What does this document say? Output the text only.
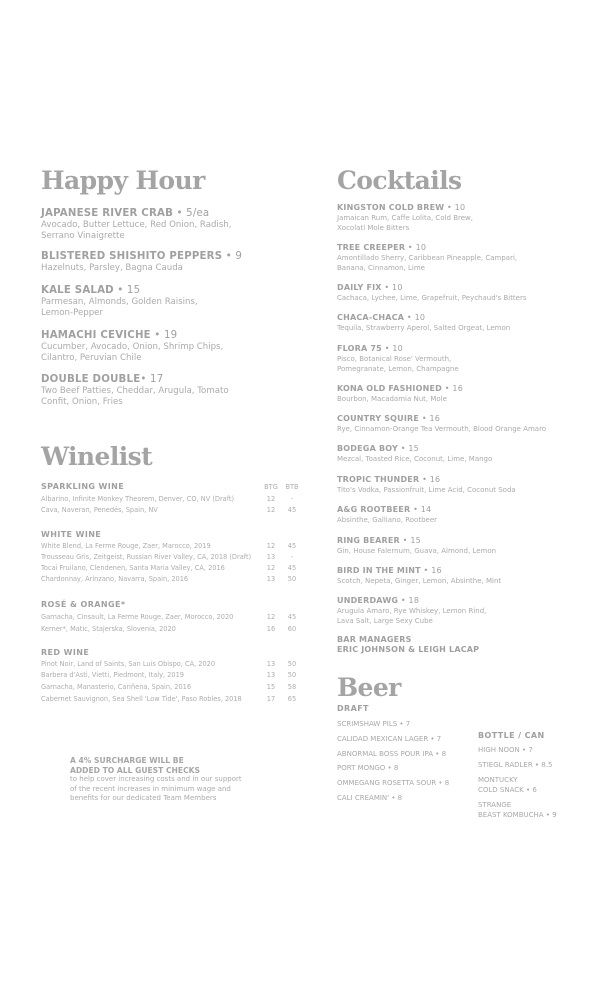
Happy Hour
JAPANESE RIVER CRAB • 5/ea
Avocado, Butter Lettuce, Red Onion, Radish, Serrano Vinaigrette
BLISTERED SHISHITO PEPPERS • 9
Hazelnuts, Parsley, Bagna Cauda
KALE SALAD • 15
Parmesan, Almonds, Golden Raisins, Lemon-Pepper
HAMACHI CEVICHE • 19
Cucumber, Avocado, Onion, Shrimp Chips, Cilantro, Peruvian Chile
DOUBLE DOUBLE• 17
Two Beef Patties, Cheddar, Arugula, Tomato Confit, Onion, Fries
Winelist
SPARKLING WINE	BTG BTB
Albarino, Infinite Monkey Theorem, Denver, CO, NV (Draft)	12	-
Cava, Naveran, Penedés, Spain, NV	12	45
WHITE WINE
White Blend, La Ferme Rouge, Zaer, Marocco, 2019	12	45
Trousseau Gris, Zeitgeist, Russian River Valley, CA, 2018 (Draft)	13	-
Tocai Fruilano, Clendenen, Santa Maria Valley, CA, 2016	12	45
Chardonnay, Arinzano, Navarra, Spain, 2016	13	50
ROSÉ & ORANGE*
Garnacha, Cinsault, La Ferme Rouge, Zaer, Morocco, 2020	12	45
Kerner*, Matic, Stajerska, Slovenia, 2020	16	60
RED WINE
Pinot Noir, Land of Saints, San Luis Obispo, CA, 2020	13	50
Barbera d'Asti, Vietti, Piedmont, Italy, 2019	13	50
Garnacha, Manasterio, Cariñena, Spain, 2016	15	58
Cabernet Sauvignon, Sea Shell 'Low Tide', Paso Robles, 2018	17	65
A 4% SURCHARGE WILL BE
ADDED TO ALL GUEST CHECKS
to help cover increasing costs and in our support
of the recent increases in minimum wage and
benefits for our dedicated Team Members
Cocktails
KINGSTON COLD BREW • 10
Jamaican Rum, Caffe Lolita, Cold Brew,
Xocolatl Mole Bitters
TREE CREEPER • 10
Amontillado Sherry, Caribbean Pineapple, Campari,
Banana, Cinnamon, Lime
DAILY FIX • 10
Cachaca, Lychee, Lime, Grapefruit, Peychaud's Bitters
CHACA-CHACA • 10
Tequila, Strawberry Aperol, Salted Orgeat, Lemon
FLORA 75 • 10
Pisco, Botanical Rose' Vermouth,
Pomegranate, Lemon, Champagne
KONA OLD FASHIONED • 16
Bourbon, Macadamia Nut, Mole
COUNTRY SQUIRE • 16
Rye, Cinnamon-Orange Tea Vermouth, Blood Orange Amaro
BODEGA BOY • 15
Mezcal, Toasted Rice, Coconut, Lime, Mango
TROPIC THUNDER • 16
Tito's Vodka, Passionfruit, Lime Acid, Coconut Soda
A&G ROOTBEER • 14
Absinthe, Galliano, Rootbeer
RING BEARER • 15
Gin, House Falernum, Guava, Almond, Lemon
BIRD IN THE MINT • 16
Scotch, Nepeta, Ginger, Lemon, Absinthe, Mint
UNDERDAWG • 18
Arugula Amaro, Rye Whiskey, Lemon Rind,
Lava Salt, Large Sexy Cube
BAR MANAGERS
ERIC JOHNSON & LEIGH LACAP
Beer
DRAFT
SCRIMSHAW PILS • 7
CALIDAD MEXICAN LAGER • 7
ABNORMAL BOSS POUR IPA • 8
PORT MONGO • 8
OMMEGANG ROSETTA SOUR • 8
CALI CREAMIN' • 8
BOTTLE / CAN
HIGH NOON • 7
STIEGL RADLER • 8.5
MONTUCKY
COLD SNACK • 6
STRANGE
BEAST KOMBUCHA • 9
